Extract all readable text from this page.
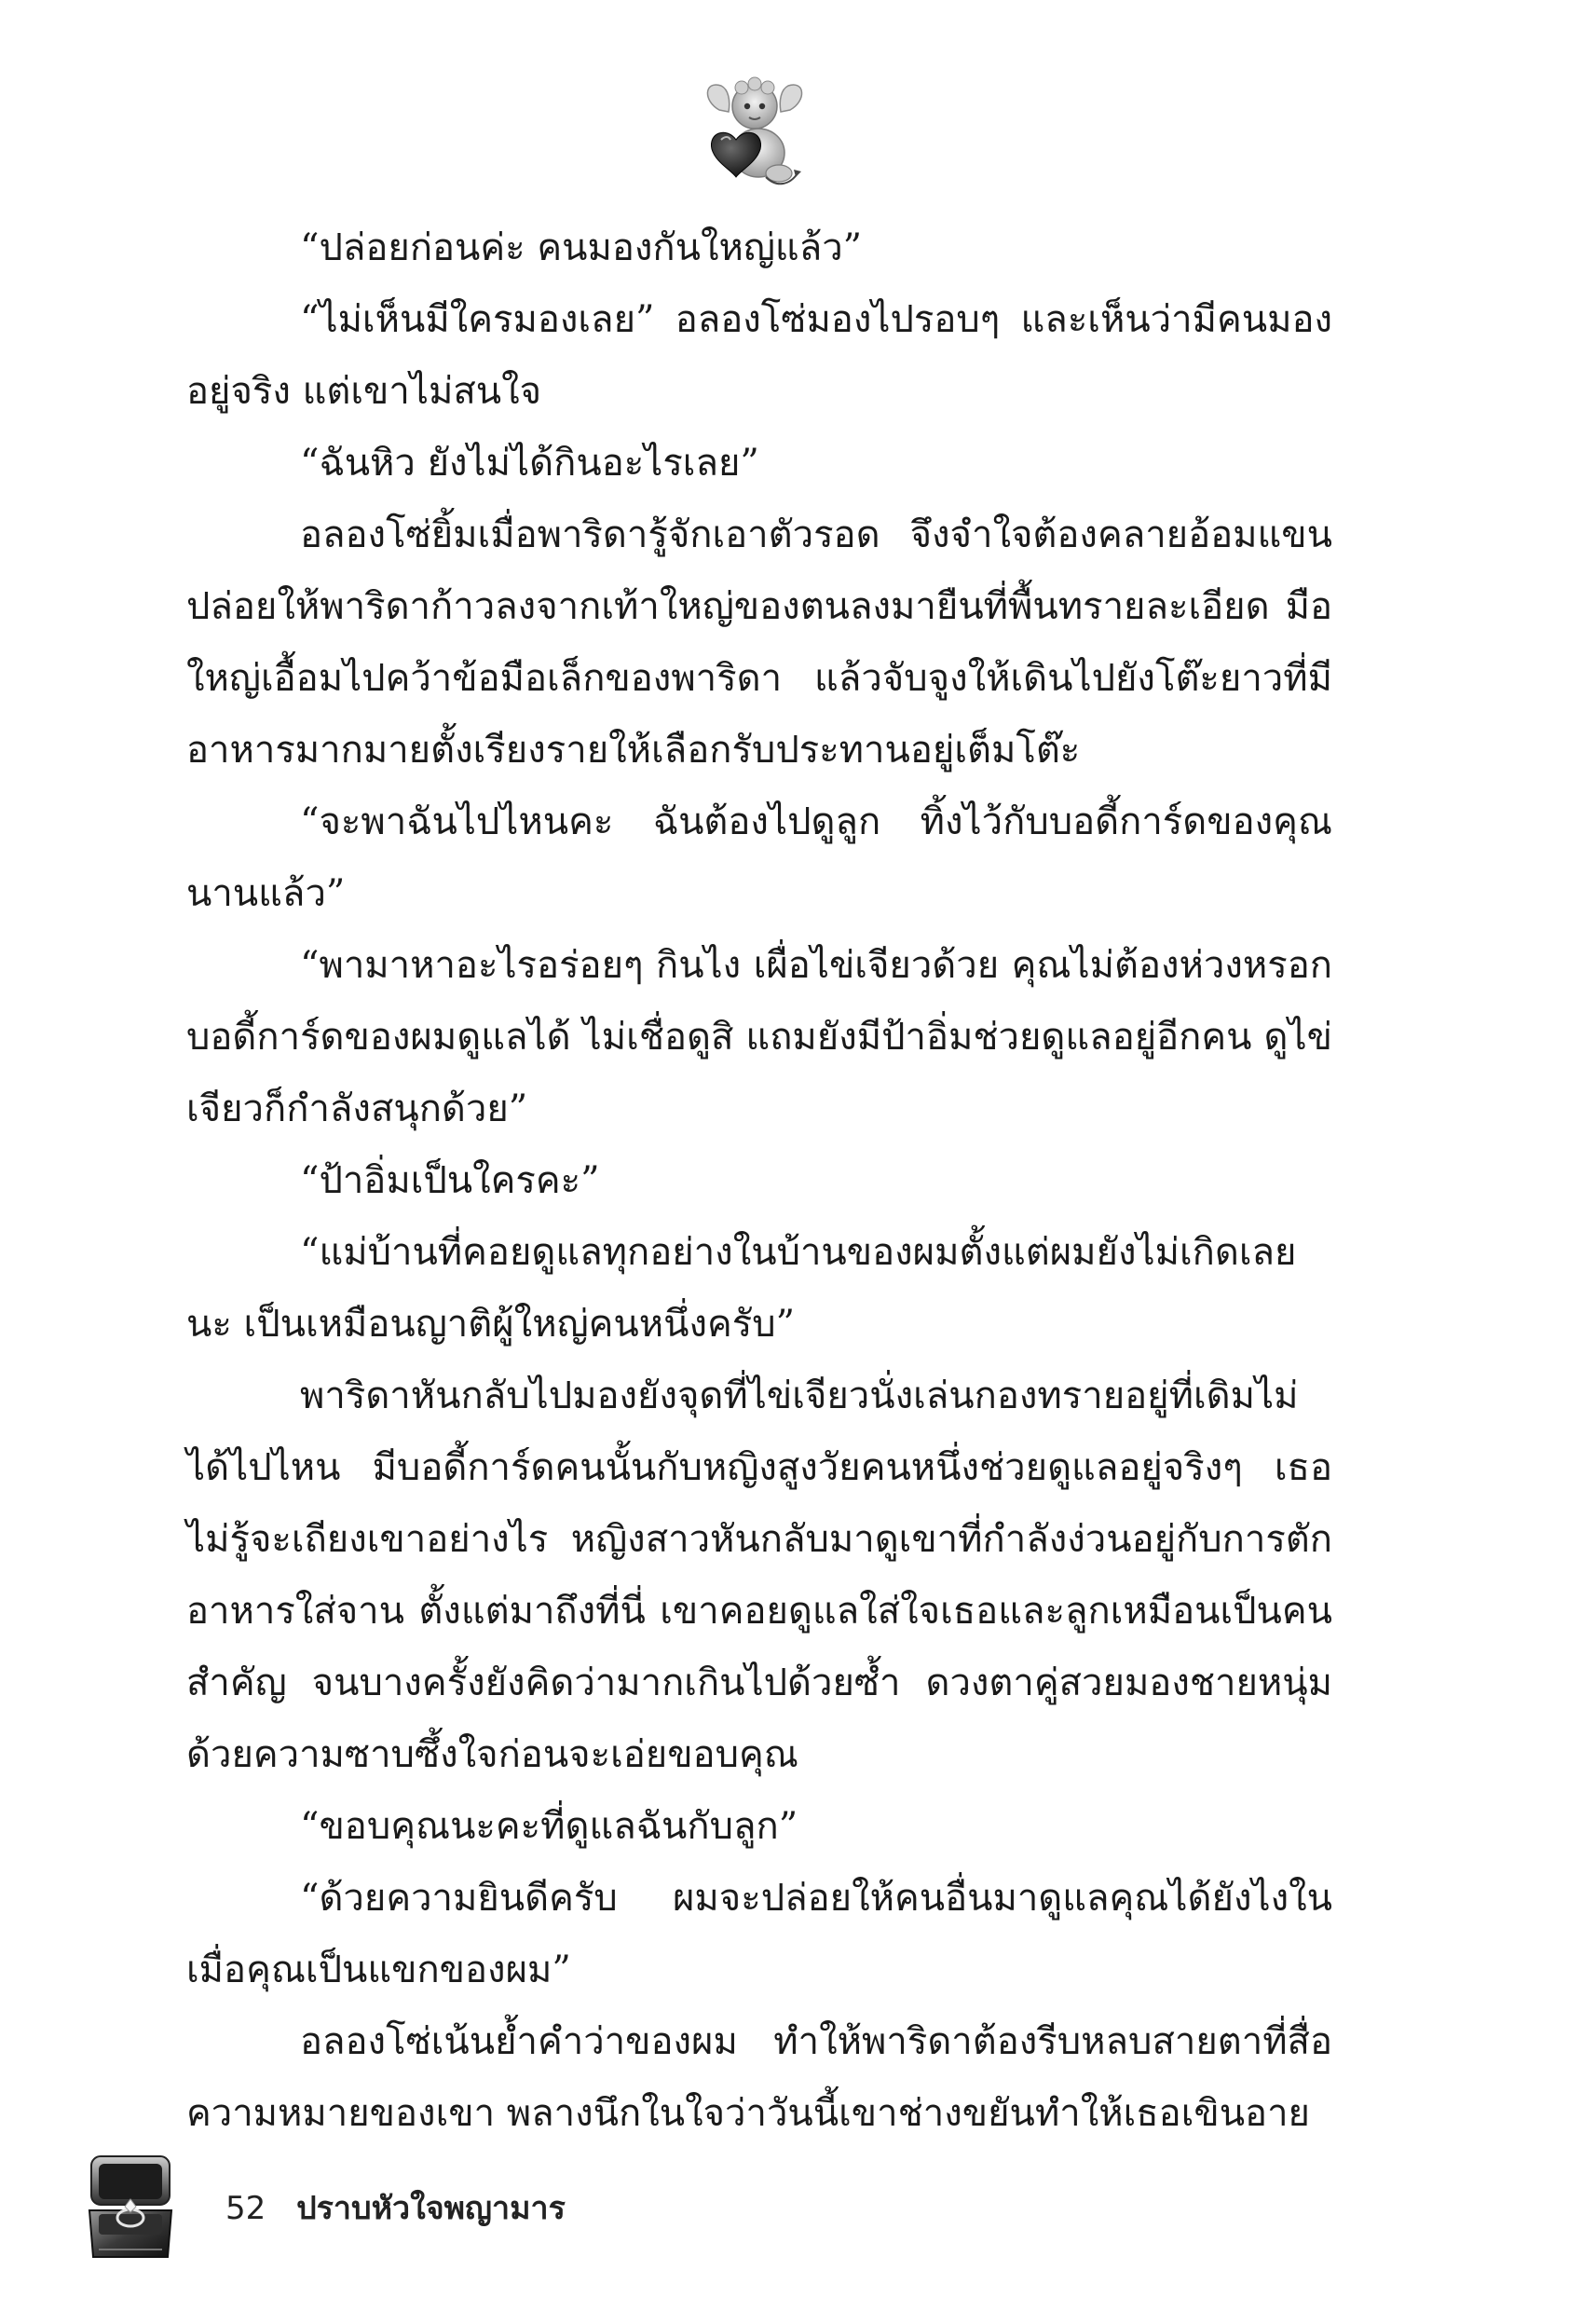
“ปล่อยก่อนค่ะ คนมองกันใหญ่แล้ว”

“ไม่เห็นมีใครมองเลย” อลองโซ่มองไปรอบๆ และเห็นว่ามีคนมองอยู่จริง แต่เขาไม่สนใจ

“ฉันหิว ยังไม่ได้กินอะไรเลย”

อลองโซ่ยิ้มเมื่อพาริดารู้จักเอาตัวรอด จึงจำใจต้องคลายอ้อมแขนปล่อยให้พาริดาก้าวลงจากเท้าใหญ่ของตนลงมายืนที่พื้นทรายละเอียด มือใหญ่เอื้อมไปคว้าข้อมือเล็กของพาริดา แล้วจับจูงให้เดินไปยังโต๊ะยาวที่มีอาหารมากมายตั้งเรียงรายให้เลือกรับประทานอยู่เต็มโต๊ะ

“จะพาฉันไปไหนคะ ฉันต้องไปดูลูก ทิ้งไว้กับบอดี้การ์ดของคุณนานแล้ว”

“พามาหาอะไรอร่อยๆ กินไง เผื่อไข่เจียวด้วย คุณไม่ต้องห่วงหรอก บอดี้การ์ดของผมดูแลได้ ไม่เชื่อดูสิ แถมยังมีป้าอิ่มช่วยดูแลอยู่อีกคน ดูไข่เจียวก็กำลังสนุกด้วย”

“ป้าอิ่มเป็นใครคะ”

“แม่บ้านที่คอยดูแลทุกอย่างในบ้านของผมตั้งแต่ผมยังไม่เกิดเลยนะ เป็นเหมือนญาติผู้ใหญ่คนหนึ่งครับ”

พาริดาหันกลับไปมองยังจุดที่ไข่เจียวนั่งเล่นกองทรายอยู่ที่เดิมไม่ได้ไปไหน มีบอดี้การ์ดคนนั้นกับหญิงสูงวัยคนหนึ่งช่วยดูแลอยู่จริงๆ เธอไม่รู้จะเถียงเขาอย่างไร หญิงสาวหันกลับมาดูเขาที่กำลังง่วนอยู่กับการตักอาหารใส่จาน ตั้งแต่มาถึงที่นี่ เขาคอยดูแลใส่ใจเธอและลูกเหมือนเป็นคนสำคัญ จนบางครั้งยังคิดว่ามากเกินไปด้วยซ้ำ ดวงตาคู่สวยมองชายหนุ่มด้วยความซาบซึ้งใจก่อนจะเอ่ยขอบคุณ

“ขอบคุณนะคะที่ดูแลฉันกับลูก”

“ด้วยความยินดีครับ ผมจะปล่อยให้คนอื่นมาดูแลคุณได้ยังไงในเมื่อคุณเป็นแขกของผม”

อลองโซ่เน้นย้ำคำว่าของผม ทำให้พาริดาต้องรีบหลบสายตาที่สื่อความหมายของเขา พลางนึกในใจว่าวันนี้เขาช่างขยันทำให้เธอเขินอาย

52 ปราบหัวใจพญามาร
